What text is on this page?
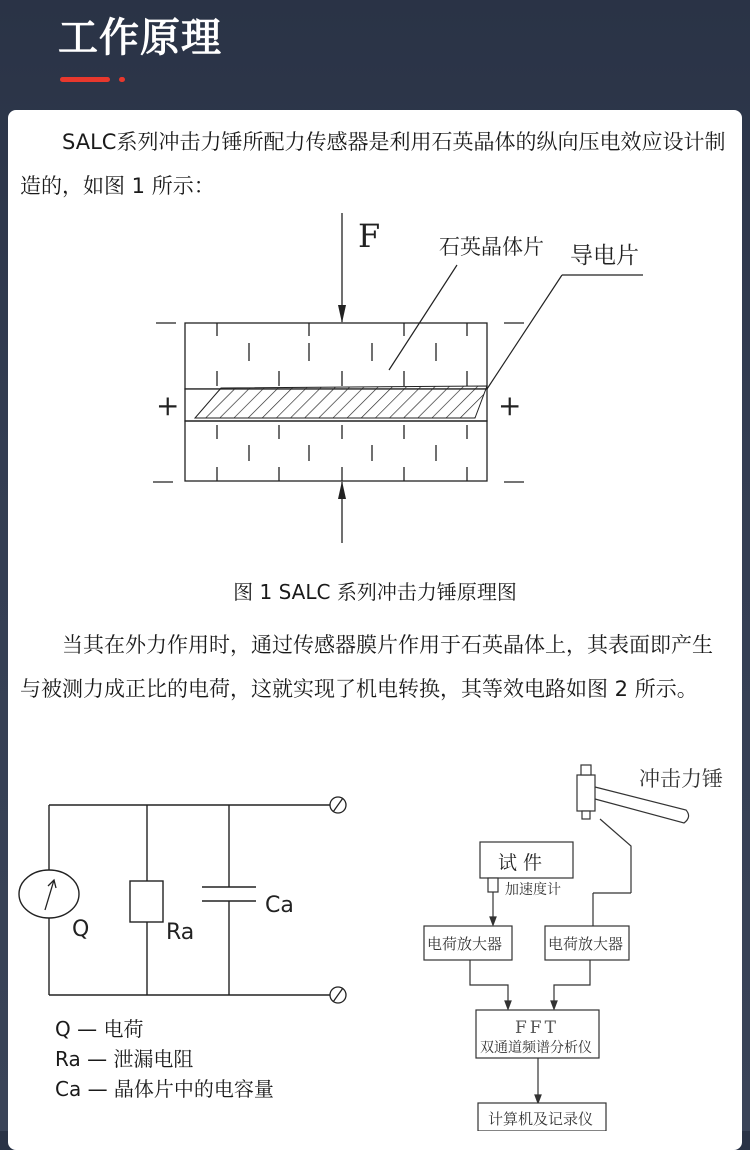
工作原理

SALC系列冲击力锤所配力传感器是利用石英晶体的纵向压电效应设计制造的，如图 1 所示：

F
+	+
石英晶体片 导电片
图 1 SALC 系列冲击力锤原理图

当其在外力作用时，通过传感器膜片作用于石英晶体上，其表面即产生与被测力成正比的电荷，这就实现了机电转换，其等效电路如图 2 所示。

Q	Ra
Ca
Q — 电荷
Ra — 泄漏电阻
Ca — 晶体片中的电容量
冲击力锤
试 件
加速度计
电荷放大器	电荷放大器
FFT
双通道频谱分析仪
计算机及记录仪
